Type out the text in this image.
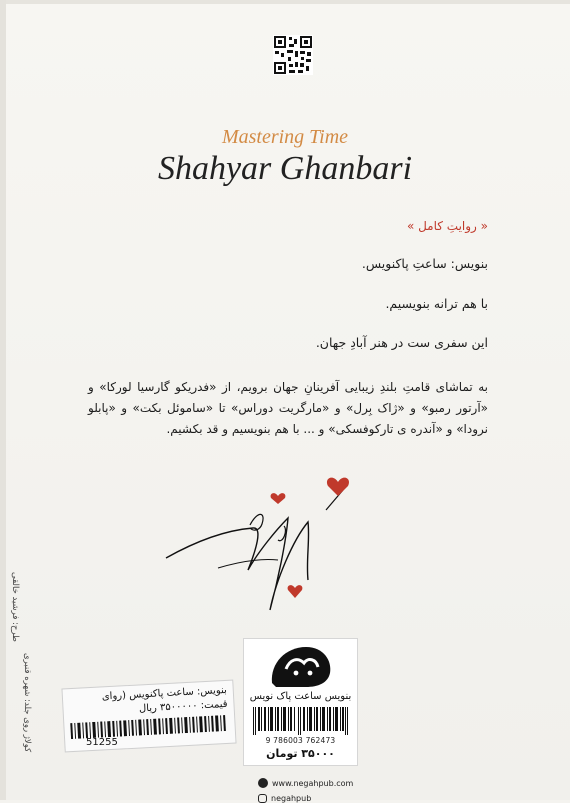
Mastering Time
Shahyar Ghanbari
« روایتِ کامل »
بنویس: ساعتِ پاکنویس.
با هم ترانه بنویسیم.
این سفری ست در هنر آبادِ جهان.
به تماشای قامتِ بلندِ زیبایی آفرینانِ جهان برویم، از «فدریکو گارسیا لورکا» و «آرتور رمبو» و «ژاک بِرل» و «مارگریت دوراس» تا «ساموئل بکت» و «پابلو نرودا» و «آندره ی تارکوفسکی» و ... با هم بنویسیم و قد بکشیم.
طرح: فرشید خالقی
کولاژ روی جلد: شهره قنبری	بنویس: ساعت پاکنویس (روای
قیمت: ۳۵۰۰۰۰۰ ریال
51255
بنویس ساعت پاک نویس
9 786003 762473
۳۵۰۰۰ تومان
www.negahpub.com
negahpub
